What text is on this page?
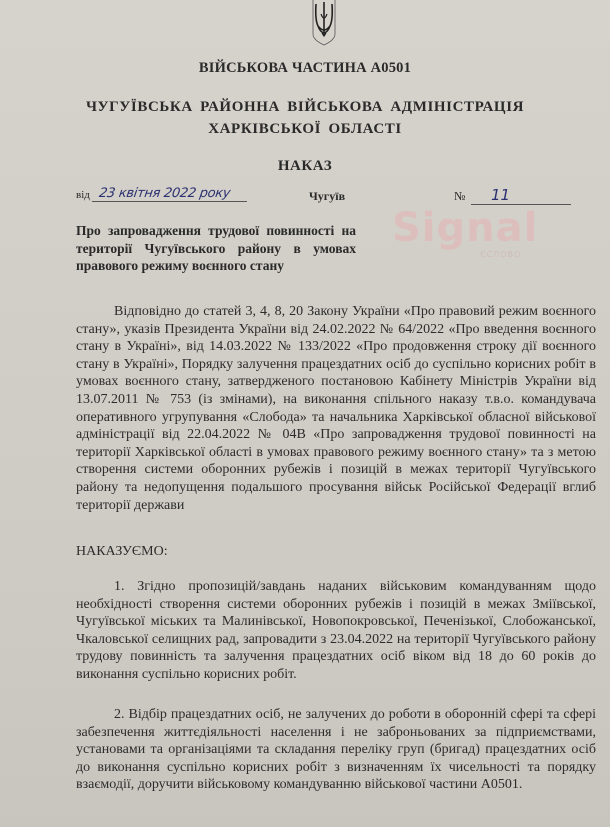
ВІЙСЬКОВА ЧАСТИНА А0501
ЧУГУЇВСЬКА РАЙОННА ВІЙСЬКОВА АДМІНІСТРАЦІЯ
ХАРКІВСЬКОЇ ОБЛАСТІ
НАКАЗ
від 23 квітня 2022 року	Чугуїв	№	11
Signal
ЄСЛОВО
Про запровадження трудової повинності на території Чугуївського району в умовах правового режиму воєнного стану
Відповідно до статей 3, 4, 8, 20 Закону України «Про правовий режим воєнного стану», указів Президента України від 24.02.2022 № 64/2022 «Про введення воєнного стану в Україні», від 14.03.2022 № 133/2022 «Про продовження строку дії воєнного стану в Україні», Порядку залучення працездатних осіб до суспільно корисних робіт в умовах воєнного стану, затвердженого постановою Кабінету Міністрів України від 13.07.2011 № 753 (із змінами), на виконання спільного наказу т.в.о. командувача оперативного угрупування «Слобода» та начальника Харківської обласної військової адміністрації від 22.04.2022 № 04В «Про запровадження трудової повинності на території Харківської області в умовах правового режиму воєнного стану» та з метою створення системи оборонних рубежів і позицій в межах території Чугуївського району та недопущення подальшого просування військ Російської Федерації вглиб території держави
НАКАЗУЄМО:
1. Згідно пропозицій/завдань наданих військовим командуванням щодо необхідності створення системи оборонних рубежів і позицій в межах Зміївської, Чугуївської міських та Малинівської, Новопокровської, Печенізької, Слобожанської, Чкаловської селищних рад, запровадити з 23.04.2022 на території Чугуївського району трудову повинність та залучення працездатних осіб віком від 18 до 60 років до виконання суспільно корисних робіт.
2. Відбір працездатних осіб, не залучених до роботи в оборонній сфері та сфері забезпечення життєдіяльності населення і не заброньованих за підприємствами, установами та організаціями та складання переліку груп (бригад) працездатних осіб до виконання суспільно корисних робіт з визначенням їх чисельності та порядку взаємодії, доручити військовому командуванню військової частини А0501.
